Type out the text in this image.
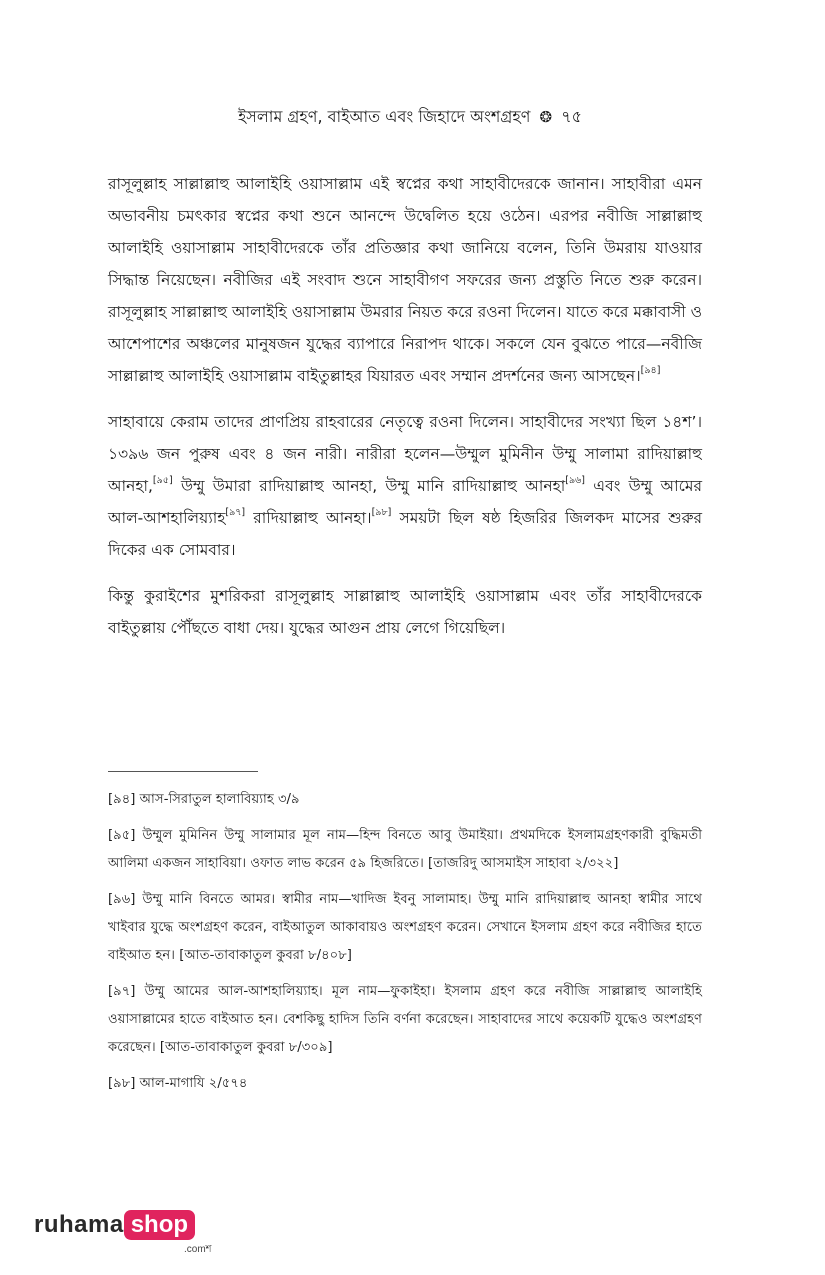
ইসলাম গ্রহণ, বাইআত এবং জিহাদে অংশগ্রহণ ❂ ৭৫

রাসূলুল্লাহ সাল্লাল্লাহু আলাইহি ওয়াসাল্লাম এই স্বপ্নের কথা সাহাবীদেরকে জানান। সাহাবীরা এমন অভাবনীয় চমৎকার স্বপ্নের কথা শুনে আনন্দে উদ্বেলিত হয়ে ওঠেন। এরপর নবীজি সাল্লাল্লাহু আলাইহি ওয়াসাল্লাম সাহাবীদেরকে তাঁর প্রতিজ্ঞার কথা জানিয়ে বলেন, তিনি উমরায় যাওয়ার সিদ্ধান্ত নিয়েছেন। নবীজির এই সংবাদ শুনে সাহাবীগণ সফরের জন্য প্রস্তুতি নিতে শুরু করেন। রাসূলুল্লাহ সাল্লাল্লাহু আলাইহি ওয়াসাল্লাম উমরার নিয়ত করে রওনা দিলেন। যাতে করে মক্কাবাসী ও আশেপাশের অঞ্চলের মানুষজন যুদ্ধের ব্যাপারে নিরাপদ থাকে। সকলে যেন বুঝতে পারে—নবীজি সাল্লাল্লাহু আলাইহি ওয়াসাল্লাম বাইতুল্লাহর যিয়ারত এবং সম্মান প্রদর্শনের জন্য আসছেন।[৯৪]

সাহাবায়ে কেরাম তাদের প্রাণপ্রিয় রাহবারের নেতৃত্বে রওনা দিলেন। সাহাবীদের সংখ্যা ছিল ১৪শ’। ১৩৯৬ জন পুরুষ এবং ৪ জন নারী। নারীরা হলেন—উম্মুল মুমিনীন উম্মু সালামা রাদিয়াল্লাহু আনহা,[৯৫] উম্মু উমারা রাদিয়াল্লাহু আনহা, উম্মু মানি রাদিয়াল্লাহু আনহা[৯৬] এবং উম্মু আমের আল-আশহালিয়্যাহ[৯৭] রাদিয়াল্লাহু আনহা।[৯৮] সময়টা ছিল ষষ্ঠ হিজরির জিলকদ মাসের শুরুর দিকের এক সোমবার।

কিন্তু কুরাইশের মুশরিকরা রাসূলুল্লাহ সাল্লাল্লাহু আলাইহি ওয়াসাল্লাম এবং তাঁর সাহাবীদেরকে বাইতুল্লায় পৌঁছতে বাধা দেয়। যুদ্ধের আগুন প্রায় লেগে গিয়েছিল।

[৯৪] আস-সিরাতুল হালাবিয়্যাহ ৩/৯

[৯৫] উম্মুল মুমিনিন উম্মু সালামার মূল নাম—হিন্দ বিনতে আবু উমাইয়া। প্রথমদিকে ইসলামগ্রহণকারী বুদ্ধিমতী আলিমা একজন সাহাবিয়া। ওফাত লাভ করেন ৫৯ হিজরিতে। [তাজরিদু আসমাইস সাহাবা ২/৩২২]

[৯৬] উম্মু মানি বিনতে আমর। স্বামীর নাম—খাদিজ ইবনু সালামাহ। উম্মু মানি রাদিয়াল্লাহু আনহা স্বামীর সাথে খাইবার যুদ্ধে অংশগ্রহণ করেন, বাইআতুল আকাবায়ও অংশগ্রহণ করেন। সেখানে ইসলাম গ্রহণ করে নবীজির হাতে বাইআত হন। [আত-তাবাকাতুল কুবরা ৮/৪০৮]

[৯৭] উম্মু আমের আল-আশহালিয়্যাহ। মূল নাম—ফুকাইহা। ইসলাম গ্রহণ করে নবীজি সাল্লাল্লাহু আলাইহি ওয়াসাল্লামের হাতে বাইআত হন। বেশকিছু হাদিস তিনি বর্ণনা করেছেন। সাহাবাদের সাথে কয়েকটি যুদ্ধেও অংশগ্রহণ করেছেন। [আত-তাবাকাতুল কুবরা ৮/৩০৯]

[৯৮] আল-মাগাযি ২/৫৭৪

ruhama shop
.comশ
